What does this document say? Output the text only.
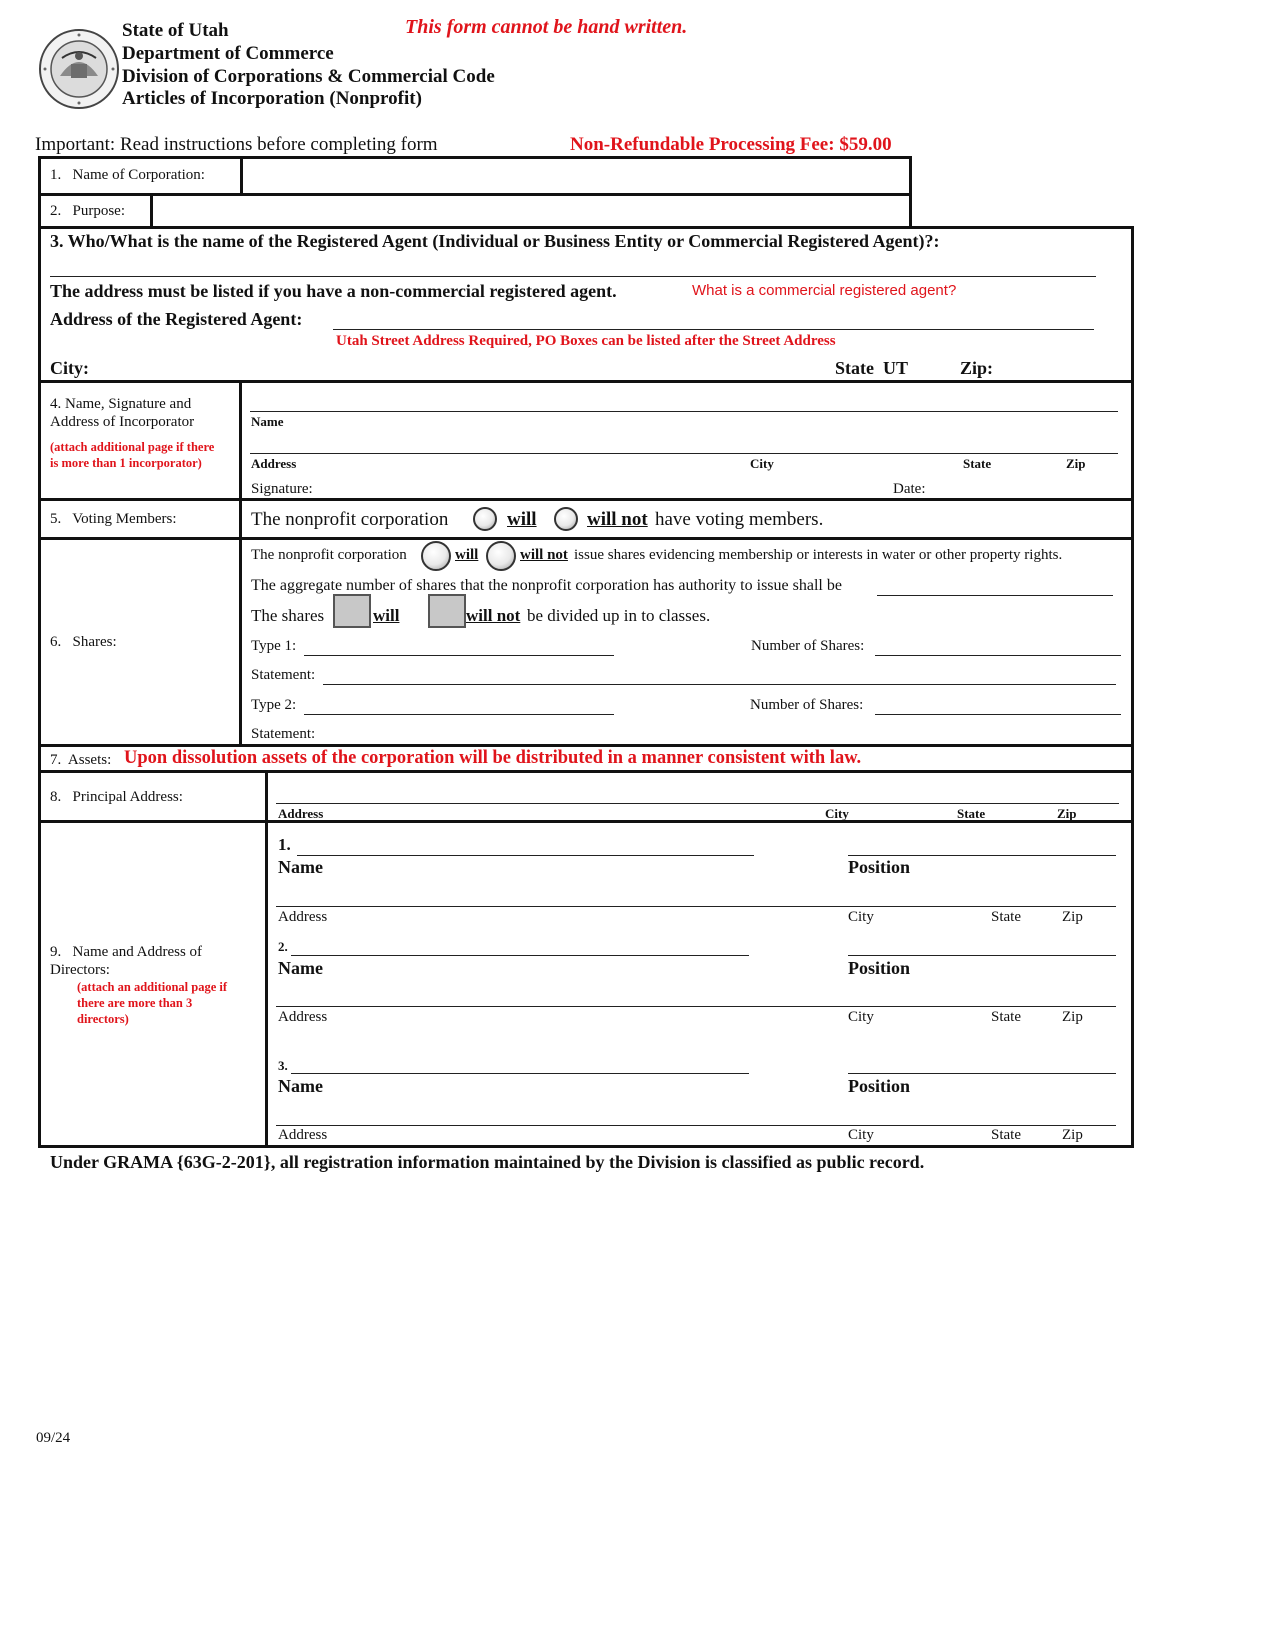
State of Utah
Department of Commerce
Division of Corporations & Commercial Code
Articles of Incorporation (Nonprofit)
This form cannot be hand written.
Important: Read instructions before completing form	Non-Refundable Processing Fee: $59.00
1.   Name of Corporation:
2.   Purpose:
3. Who/What is the name of the Registered Agent (Individual or Business Entity or Commercial Registered Agent)?:
The address must be listed if you have a non-commercial registered agent.	What is a commercial registered agent?
Address of the Registered Agent:
Utah Street Address Required, PO Boxes can be listed after the Street Address
City:	State  UT	Zip:
4. Name, Signature and Address of Incorporator
(attach additional page if there is more than 1 incorporator)
Name
Address	City	State	Zip
Signature:	Date:
5.   Voting Members:	The nonprofit corporation	will	will not have voting members.
6.   Shares:
The nonprofit corporation	will	will not issue shares evidencing membership or interests in water or other property rights.
The aggregate number of shares that the nonprofit corporation has authority to issue shall be
The shares	will	will not be divided up in to classes.
Type 1:	Number of Shares:
Statement:
Type 2:	Number of Shares:
Statement:
7.  Assets: Upon dissolution assets of the corporation will be distributed in a manner consistent with law.
8.   Principal Address:
Address	City	State	Zip
9.   Name and Address of Directors:
(attach an additional page if there are more than 3 directors)
1.
Name	Position
Address	City	State	Zip
2.
Name	Position
Address	City	State	Zip
3.
Name	Position
Address	City	State	Zip
Under GRAMA {63G-2-201}, all registration information maintained by the Division is classified as public record.
09/24
